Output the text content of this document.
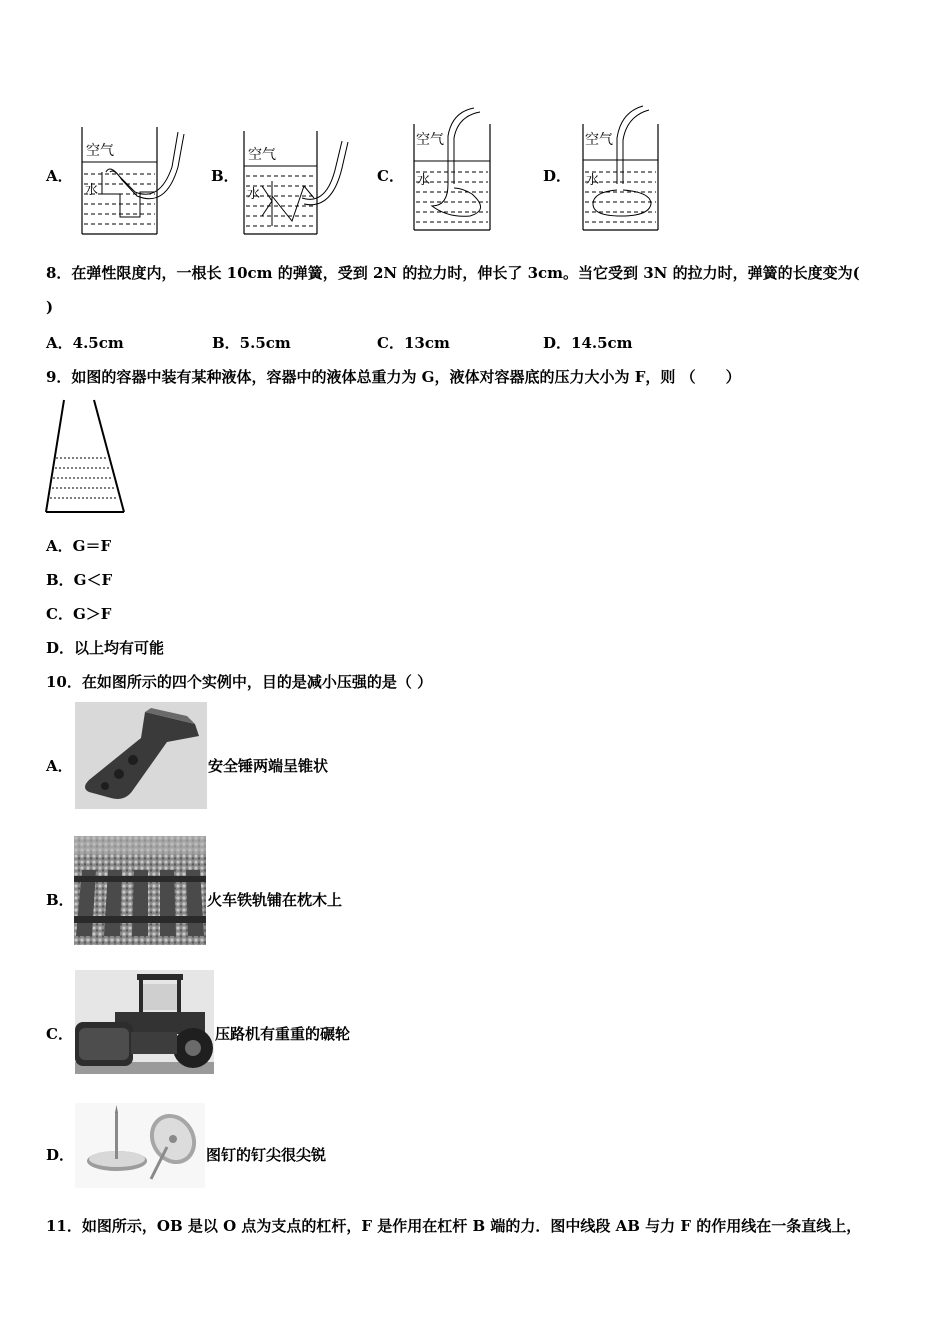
A．
空气
水
B．
空气
水
C．
空气
水	D．
空气
水
8．在弹性限度内，一根长 10cm 的弹簧，受到 2N 的拉力时，伸长了 3cm。当它受到 3N 的拉力时，弹簧的长度变为(
)
A．4.5cm	B．5.5cm	C．13cm	D．14.5cm
9．如图的容器中装有某种液体，容器中的液体总重力为 G，液体对容器底的压力大小为 F，则 （　　）
A．G＝F
B．G＜F
C．G＞F
D．以上均有可能
10．在如图所示的四个实例中，目的是减小压强的是（ ）
A．	安全锤两端呈锥状
B．	火车铁轨铺在枕木上
C．	压路机有重重的碾轮
D．	图钉的钉尖很尖锐
11．如图所示，OB 是以 O 点为支点的杠杆，F 是作用在杠杆 B 端的力．图中线段 AB 与力 F 的作用线在一条直线上，
